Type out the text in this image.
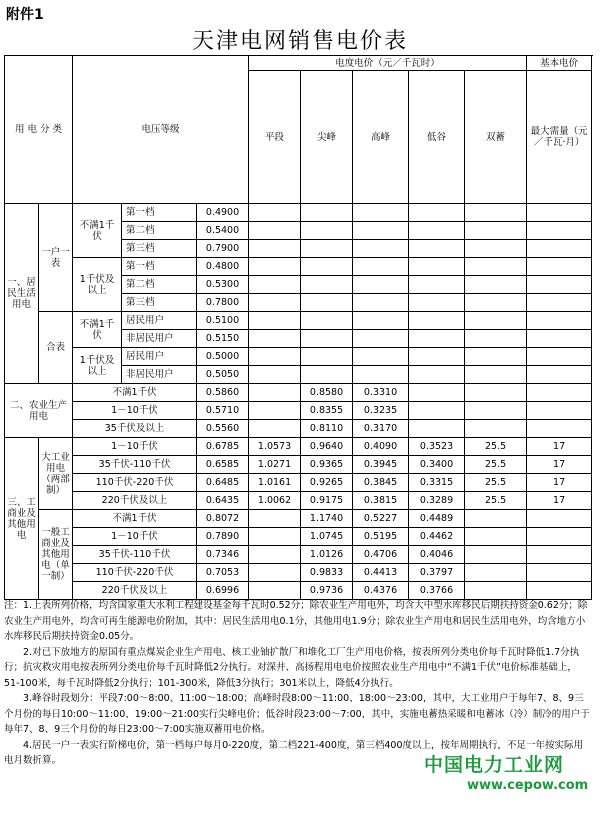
附件1
天津电网销售电价表
用 电 分 类		电压等级			电度电价（元／千瓦时）					基本电价	
					平段	尖峰	高峰	低谷	双蓄	最大需量（元／千瓦·月）	

一、居民生活用电	一户一表	不满1千伏	第一档	0.4900							
			第二档	0.5400							
			第三档	0.7900							
		1千伏及以上	第一档	0.4800							
			第二档	0.5300							
			第三档	0.7800							
	合表	不满1千伏	居民用户	0.5100							
			非居民用户	0.5150							
		1千伏及以上	居民用户	0.5000							
			非居民用户	0.5050							
二、农业生产用电		不满1千伏		0.5860		0.8580	0.3310				
		1－10千伏		0.5710		0.8355	0.3235				
		35千伏及以上		0.5560		0.8110	0.3170				
三、工商业及其他用电	大工业用电（两部制）	1－10千伏		0.6785	1.0573	0.9640	0.4090	0.3523	25.5	17	
		35千伏-110千伏		0.6585	1.0271	0.9365	0.3945	0.3400	25.5	17	
		110千伏-220千伏		0.6485	1.0161	0.9265	0.3845	0.3315	25.5	17	
		220千伏及以上		0.6435	1.0062	0.9175	0.3815	0.3289	25.5	17	
	一般工商业及其他用电（单一制）	不满1千伏		0.8072		1.1740	0.5227	0.4489			
		1－10千伏		0.7890		1.0745	0.5195	0.4462			
		35千伏-110千伏		0.7346		1.0126	0.4706	0.4046			
		110千伏-220千伏		0.7053		0.9833	0.4413	0.3797			
		220千伏及以上		0.6996		0.9736	0.4376	0.3766			

注：1.上表所列价格，均含国家重大水利工程建设基金每千瓦时0.52分；除农业生产用电外，均含大中型水库移民后期扶持资金0.62分；除农业生产用电外，均含可再生能源电价附加，其中：居民生活用电0.1分，其他用电1.9分；除农业生产用电和居民生活用电外，均含地方小水库移民后期扶持资金0.05分。

2.对已下放地方的原国有重点煤炭企业生产用电、核工业铀扩散厂和堆化工厂生产用电价格，按表所列分类电价每千瓦时降低1.7分执行；抗灾救灾用电按表所列分类电价每千瓦时降低2分执行。对深井、高扬程用电电价按照农业生产用电中“不满1千伏”电价标准基础上，51-100米，每千瓦时降低2分执行；101-300米，降低3分执行；301米以上，降低4分执行。

3.峰谷时段划分：平段7:00～8:00、11:00～18:00；高峰时段8:00～11:00、18:00～23:00，其中，大工业用户于每年7、8、9三个月份的每日10:00～11:00、19:00～21:00实行尖峰电价；低谷时段23:00～7:00，其中，实施电蓄热采暖和电蓄冰（冷）制冷的用户于每年7、8、9三个月份的每日23:00～7:00实施双蓄用电价格。

4.居民一户一表实行阶梯电价，第一档每户每月0-220度，第二档221-400度，第三档400度以上，按年周期执行，不足一年按实际用电月数折算。	中国电力工业网
www.cepow.com
